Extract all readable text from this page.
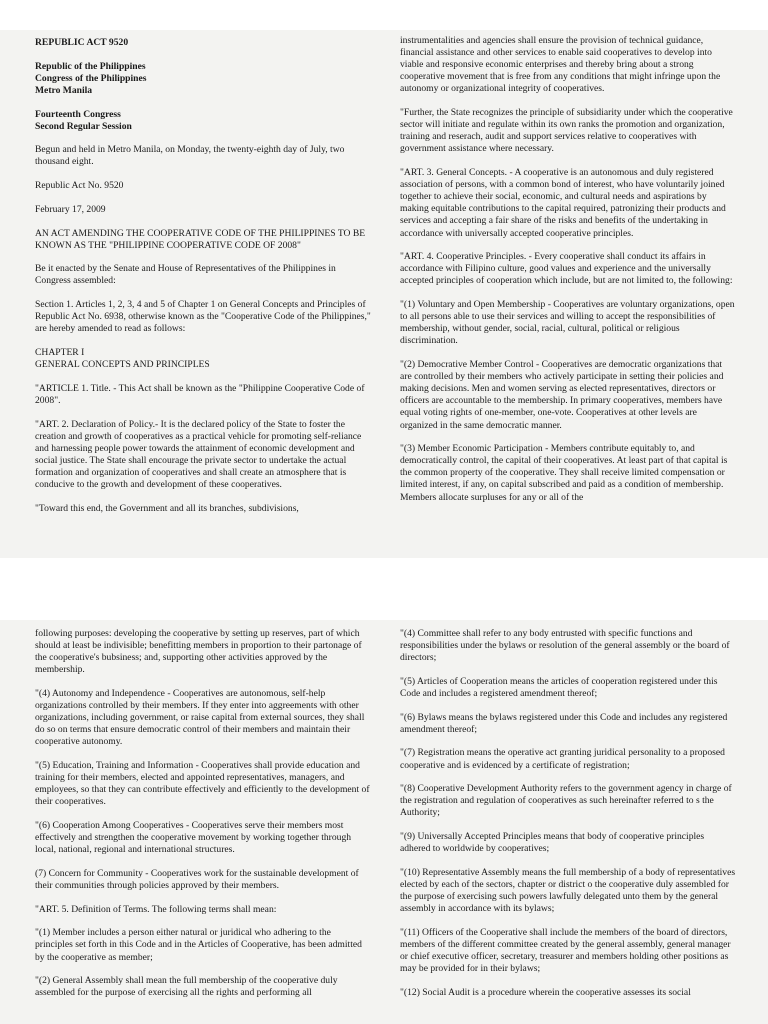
REPUBLIC ACT 9520

Republic of the Philippines
Congress of the Philippines
Metro Manila

Fourteenth Congress
Second Regular Session

Begun and held in Metro Manila, on Monday, the twenty-eighth day of July, two thousand eight.

Republic Act No. 9520

February 17, 2009

AN ACT AMENDING THE COOPERATIVE CODE OF THE PHILIPPINES TO BE KNOWN AS THE "PHILIPPINE COOPERATIVE CODE OF 2008"

Be it enacted by the Senate and House of Representatives of the Philippines in Congress assembled:

Section 1. Articles 1, 2, 3, 4 and 5 of Chapter 1 on General Concepts and Principles of Republic Act No. 6938, otherwise known as the "Cooperative Code of the Philippines," are hereby amended to read as follows:

CHAPTER I
GENERAL CONCEPTS AND PRINCIPLES

"ARTICLE 1. Title. - This Act shall be known as the "Philippine Cooperative Code of 2008".

"ART. 2. Declaration of Policy.- It is the declared policy of the State to foster the creation and growth of cooperatives as a practical vehicle for promoting self-reliance and harnessing people power towards the attainment of economic development and social justice. The State shall encourage the private sector to undertake the actual formation and organization of cooperatives and shall create an atmosphere that is conducive to the growth and development of these cooperatives.

"Toward this end, the Government and all its branches, subdivisions,

instrumentalities and agencies shall ensure the provision of technical guidance, financial assistance and other services to enable said cooperatives to develop into viable and responsive economic enterprises and thereby bring about a strong cooperative movement that is free from any conditions that might infringe upon the autonomy or organizational integrity of cooperatives.

"Further, the State recognizes the principle of subsidiarity under which the cooperative sector will initiate and regulate within its own ranks the promotion and organization, training and reserach, audit and support services relative to cooperatives with government assistance where necessary.

"ART. 3. General Concepts. - A cooperative is an autonomous and duly registered association of persons, with a common bond of interest, who have voluntarily joined together to achieve their social, economic, and cultural needs and aspirations by making equitable contributions to the capital required, patronizing their products and services and accepting a fair share of the risks and benefits of the undertaking in accordance with universally accepted cooperative principles.

"ART. 4. Cooperative Principles. - Every cooperative shall conduct its affairs in accordance with Filipino culture, good values and experience and the universally accepted principles of cooperation which include, but are not limited to, the following:

"(1) Voluntary and Open Membership - Cooperatives are voluntary organizations, open to all persons able to use their services and willing to accept the responsibilities of membership, without gender, social, racial, cultural, political or religious discrimination.

"(2) Democrative Member Control - Cooperatives are democratic organizations that are controlled by their members who actively participate in setting their policies and making decisions. Men and women serving as elected representatives, directors or officers are accountable to the membership. In primary cooperatives, members have equal voting rights of one-member, one-vote. Cooperatives at other levels are organized in the same democratic manner.

"(3) Member Economic Participation - Members contribute equitably to, and democratically control, the capital of their cooperatives. At least part of that capital is the common property of the cooperative. They shall receive limited compensation or limited interest, if any, on capital subscribed and paid as a condition of membership. Members allocate surpluses for any or all of the

following purposes: developing the cooperative by setting up reserves, part of which should at least be indivisible; benefitting members in proportion to their partonage of the cooperative's bubsiness; and, supporting other activities approved by the membership.

"(4) Autonomy and Independence - Cooperatives are autonomous, self-help organizations controlled by their members. If they enter into aggreements with other organizations, including government, or raise capital from external sources, they shall do so on terms that ensure democratic control of their members and maintain their cooperative autonomy.

"(5) Education, Training and Information - Cooperatives shall provide education and training for their members, elected and appointed representatives, managers, and employees, so that they can contribute effectively and efficiently to the development of their cooperatives.

"(6) Cooperation Among Cooperatives - Cooperatives serve their members most effectively and strengthen the cooperative movement by working together through local, national, regional and international structures.

(7) Concern for Community - Cooperatives work for the sustainable development of their communities through policies approved by their members.

"ART. 5. Definition of Terms. The following terms shall mean:

"(1) Member includes a person either natural or juridical who adhering to the principles set forth in this Code and in the Articles of Cooperative, has been admitted by the cooperative as member;

"(2) General Assembly shall mean the full membership of the cooperative duly assembled for the purpose of exercising all the rights and performing all

"(4) Committee shall refer to any body entrusted with specific functions and responsibilities under the bylaws or resolution of the general assembly or the board of directors;

"(5) Articles of Cooperation means the articles of cooperation registered under this Code and includes a registered amendment thereof;

"(6) Bylaws means the bylaws registered under this Code and includes any registered amendment thereof;

"(7) Registration means the operative act granting juridical personality to a proposed cooperative and is evidenced by a certificate of registration;

"(8) Cooperative Development Authority refers to the government agency in charge of the registration and regulation of cooperatives as such hereinafter referred to s the Authority;

"(9) Universally Accepted Principles means that body of cooperative principles adhered to worldwide by cooperatives;

"(10) Representative Assembly means the full membership of a body of representatives elected by each of the sectors, chapter or district o the cooperative duly assembled for the purpose of exercising such powers lawfully delegated unto them by the general assembly in accordance with its bylaws;

"(11) Officers of the Cooperative shall include the members of the board of directors, members of the different committee created by the general assembly, general manager or chief executive officer, secretary, treasurer and members holding other positions as may be provided for in their bylaws;

"(12) Social Audit is a procedure wherein the cooperative assesses its social
